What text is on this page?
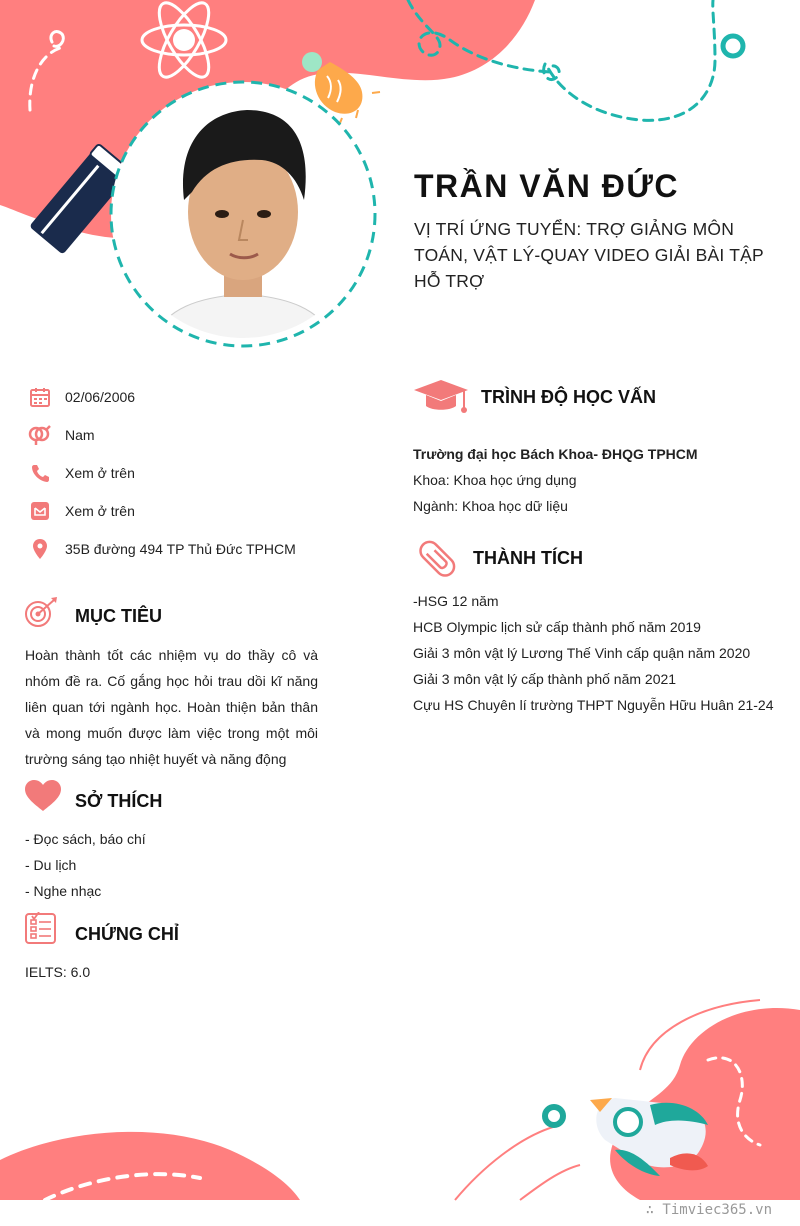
TRẦN VĂN ĐỨC
VỊ TRÍ ỨNG TUYỂN: TRỢ GIẢNG MÔN TOÁN, VẬT LÝ-QUAY VIDEO GIẢI BÀI TẬP HỖ TRỢ
02/06/2006
Nam
Xem ở trên
Xem ở trên
35B đường 494 TP Thủ Đức TPHCM
MỤC TIÊU
Hoàn thành tốt các nhiệm vụ do thầy cô và nhóm đề ra. Cố gắng học hỏi trau dồi kĩ năng liên quan tới ngành học. Hoàn thiện bản thân và mong muốn được làm việc trong một môi trường sáng tạo nhiệt huyết và năng động
SỞ THÍCH
- Đọc sách, báo chí
- Du lịch
- Nghe nhạc
CHỨNG CHỈ
IELTS: 6.0
TRÌNH ĐỘ HỌC VẤN
Trường đại học Bách Khoa- ĐHQG TPHCM
Khoa: Khoa học ứng dụng
Ngành: Khoa học dữ liệu
THÀNH TÍCH
-HSG 12 năm
HCB Olympic lịch sử cấp thành phố năm 2019
Giải 3 môn vật lý Lương Thế Vinh cấp quận năm 2020
Giải 3 môn vật lý cấp thành phố năm 2021
Cựu HS Chuyên lí trường THPT Nguyễn Hữu Huân 21-24
∴ Timviec365.vn
